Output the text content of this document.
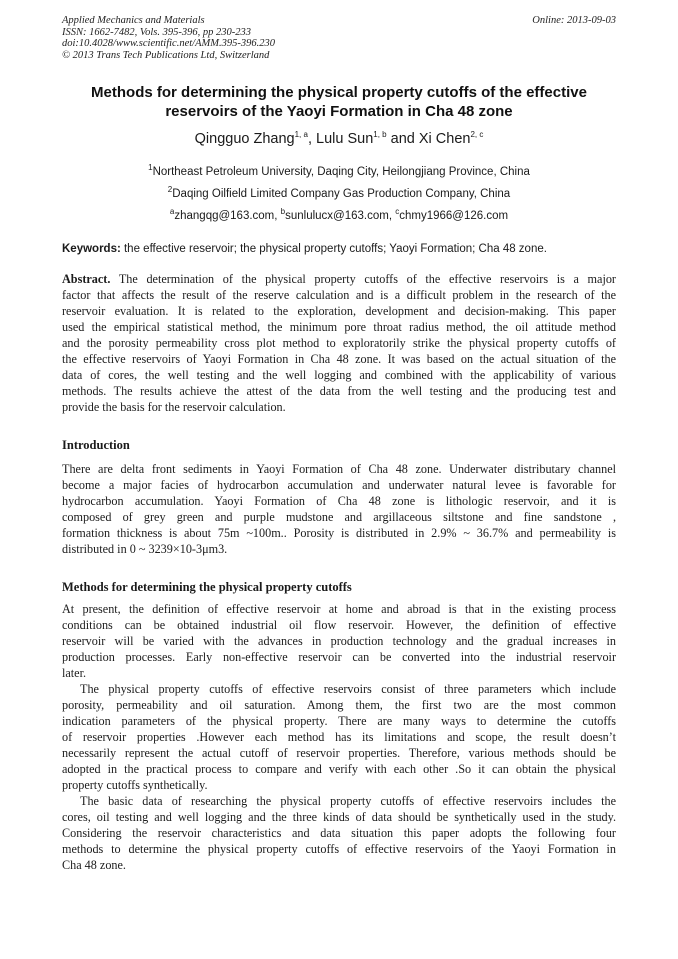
Applied Mechanics and Materials
ISSN: 1662-7482, Vols. 395-396, pp 230-233
doi:10.4028/www.scientific.net/AMM.395-396.230
© 2013 Trans Tech Publications Ltd, Switzerland
Online: 2013-09-03
Methods for determining the physical property cutoffs of the effective
reservoirs of the Yaoyi Formation in Cha 48 zone
Qingguo Zhang$^{1, a}$, Lulu Sun$^{1, b}$ and Xi Chen$^{2, c}$
$^1$Northeast Petroleum University, Daqing City, Heilongjiang Province, China
$^2$Daqing Oilfield Limited Company Gas Production Company, China
$^a$zhangqg@163.com, $^b$sunlulucx@163.com, $^c$chmy1966@126.com
Keywords: the effective reservoir; the physical property cutoffs; Yaoyi Formation; Cha 48 zone.
Abstract. The determination of the physical property cutoffs of the effective reservoirs is a major
factor that affects the result of the reserve calculation and is a difficult problem in the research of the
reservoir evaluation. It is related to the exploration, development and decision-making. This paper
used the empirical statistical method, the minimum pore throat radius method, the oil attitude method
and the porosity permeability cross plot method to exploratorily strike the physical property cutoffs of
the effective reservoirs of Yaoyi Formation in Cha 48 zone. It was based on the actual situation of the
data of cores, the well testing and the well logging and combined with the applicability of various
methods. The results achieve the attest of the data from the well testing and the producing test and
provide the basis for the reservoir calculation.
Introduction
There are delta front sediments in Yaoyi Formation of Cha 48 zone. Underwater distributary channel
become a major facies of hydrocarbon accumulation and underwater natural levee is favorable for
hydrocarbon accumulation. Yaoyi Formation of Cha 48 zone is lithologic reservoir, and it is
composed of grey green and purple mudstone and argillaceous siltstone and fine sandstone ,
formation thickness is about 75m ~100m.. Porosity is distributed in 2.9% ~ 36.7% and permeability is
distributed in 0 ~ 3239×10-3μm3.
Methods for determining the physical property cutoffs
At present, the definition of effective reservoir at home and abroad is that in the existing process
conditions can be obtained industrial oil flow reservoir. However, the definition of effective
reservoir will be varied with the advances in production technology and the gradual increases in
production processes. Early non-effective reservoir can be converted into the industrial reservoir
later.
The physical property cutoffs of effective reservoirs consist of three parameters which include
porosity, permeability and oil saturation. Among them, the first two are the most common
indication parameters of the physical property. There are many ways to determine the cutoffs
of reservoir properties .However each method has its limitations and scope, the result doesn’t
necessarily represent the actual cutoff of reservoir properties. Therefore, various methods should be
adopted in the practical process to compare and verify with each other .So it can obtain the physical
property cutoffs synthetically.
The basic data of researching the physical property cutoffs of effective reservoirs includes the
cores, oil testing and well logging and the three kinds of data should be synthetically used in the study.
Considering the reservoir characteristics and data situation this paper adopts the following four
methods to determine the physical property cutoffs of effective reservoirs of the Yaoyi Formation in
Cha 48 zone.
